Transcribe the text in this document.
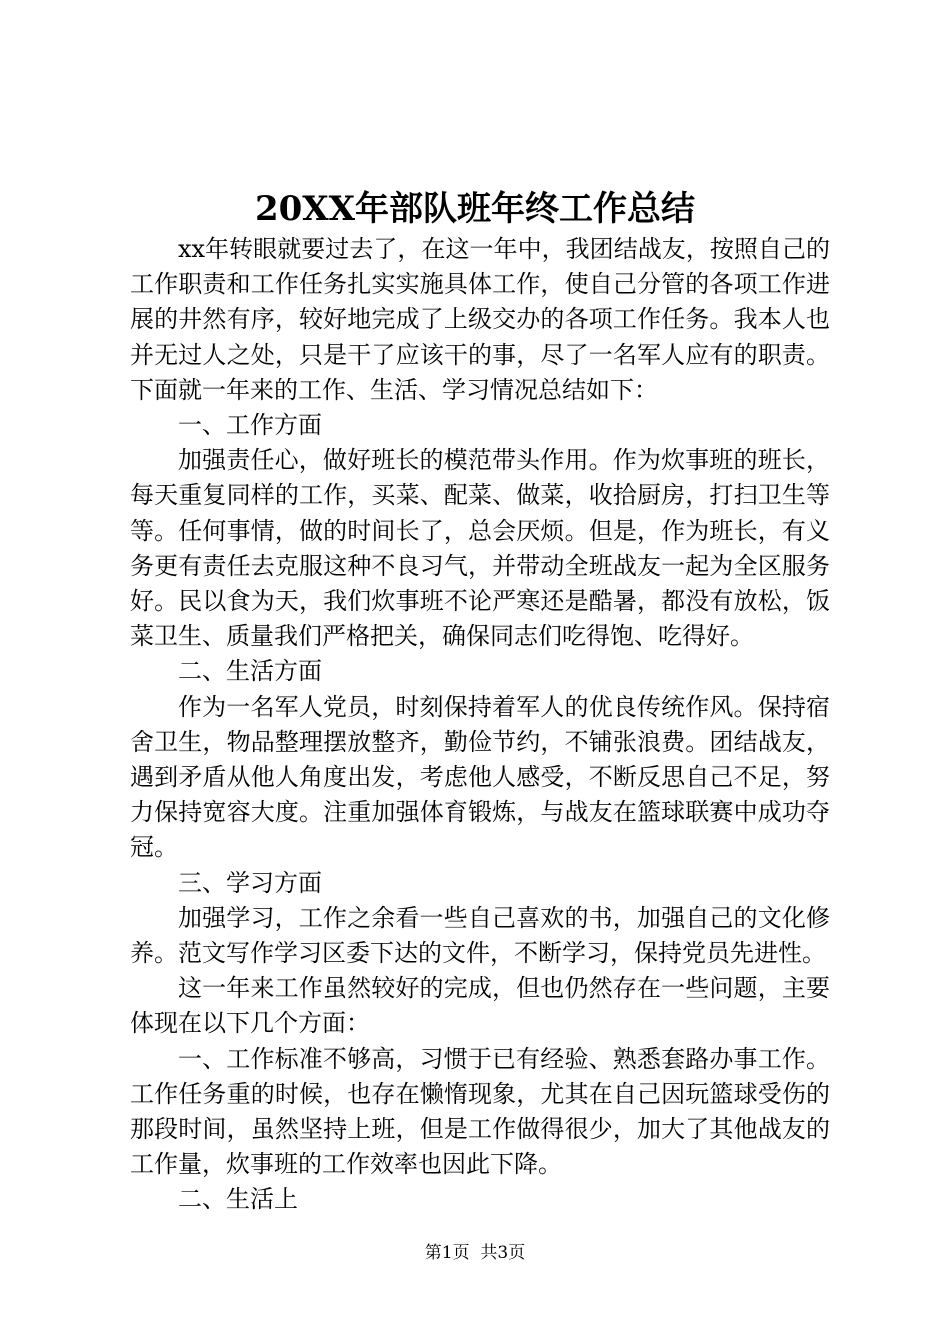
20XX年部队班年终工作总结

xx年转眼就要过去了，在这一年中，我团结战友，按照自己的工作职责和工作任务扎实实施具体工作，使自己分管的各项工作进展的井然有序，较好地完成了上级交办的各项工作任务。我本人也并无过人之处，只是干了应该干的事，尽了一名军人应有的职责。下面就一年来的工作、生活、学习情况总结如下：

一、工作方面

加强责任心，做好班长的模范带头作用。作为炊事班的班长，每天重复同样的工作，买菜、配菜、做菜，收拾厨房，打扫卫生等等。任何事情，做的时间长了，总会厌烦。但是，作为班长，有义务更有责任去克服这种不良习气，并带动全班战友一起为全区服务好。民以食为天，我们炊事班不论严寒还是酷暑，都没有放松，饭菜卫生、质量我们严格把关，确保同志们吃得饱、吃得好。

二、生活方面

作为一名军人党员，时刻保持着军人的优良传统作风。保持宿舍卫生，物品整理摆放整齐，勤俭节约，不铺张浪费。团结战友，遇到矛盾从他人角度出发，考虑他人感受，不断反思自己不足，努力保持宽容大度。注重加强体育锻炼，与战友在篮球联赛中成功夺冠。

三、学习方面

加强学习，工作之余看一些自己喜欢的书，加强自己的文化修养。范文写作学习区委下达的文件，不断学习，保持党员先进性。

这一年来工作虽然较好的完成，但也仍然存在一些问题，主要体现在以下几个方面：

一、工作标准不够高，习惯于已有经验、熟悉套路办事工作。工作任务重的时候，也存在懒惰现象，尤其在自己因玩篮球受伤的那段时间，虽然坚持上班，但是工作做得很少，加大了其他战友的工作量，炊事班的工作效率也因此下降。

二、生活上

第1页  共3页
